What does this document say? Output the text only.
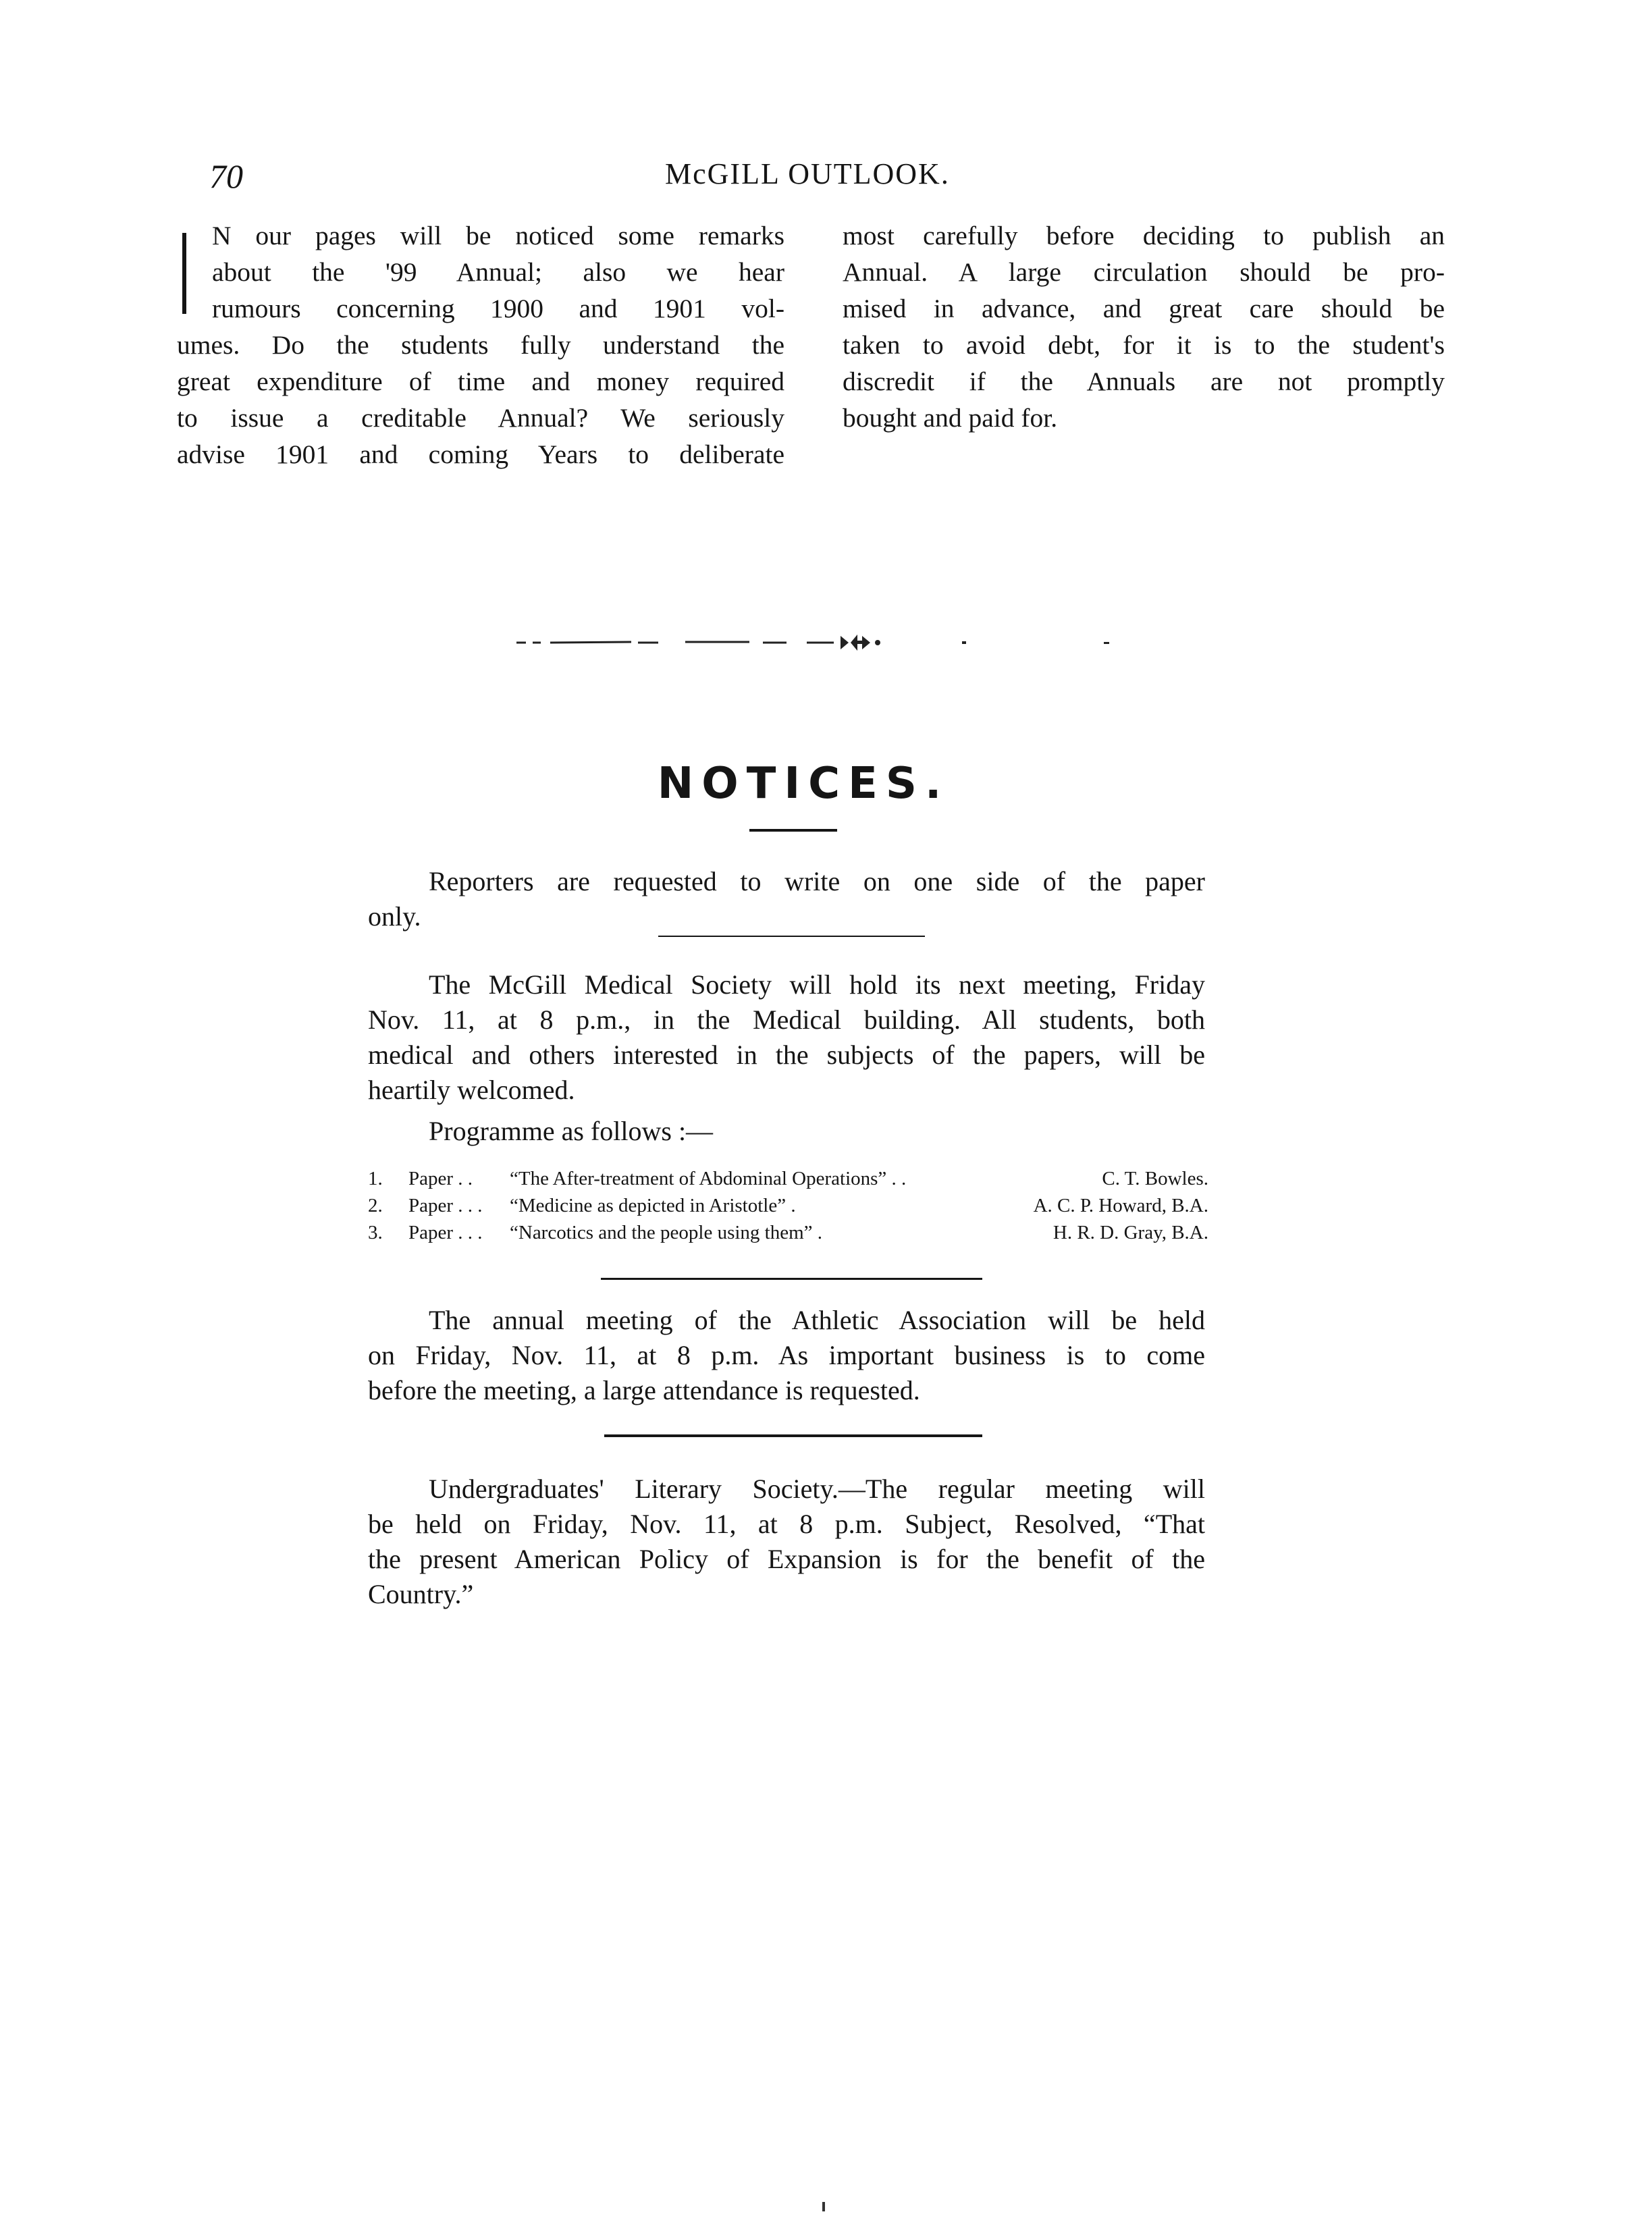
70	McGILL OUTLOOK.
N our pages will be noticed some remarks
about the '99 Annual; also we hear
rumours concerning 1900 and 1901 vol-
umes. Do the students fully understand the
great expenditure of time and money required
to issue a creditable Annual? We seriously
advise 1901 and coming Years to deliberate
most carefully before deciding to publish an
Annual. A large circulation should be pro-
mised in advance, and great care should be
taken to avoid debt, for it is to the student's
discredit if the Annuals are not promptly
bought and paid for.
NOTICES.
Reporters are requested to write on one side of the paper
only.
The McGill Medical Society will hold its next meeting, Friday
Nov. 11, at 8 p.m., in the Medical building. All students, both
medical and others interested in the subjects of the papers, will be
heartily welcomed.
Programme as follows :—
1.	Paper . .	“The After-treatment of Abdominal Operations” . .	C. T. Bowles.
2.	Paper . . .	“Medicine as depicted in Aristotle” .	A. C. P. Howard, B.A.
3.	Paper . . .	“Narcotics and the people using them” .	H. R. D. Gray, B.A.
The annual meeting of the Athletic Association will be held
on Friday, Nov. 11, at 8 p.m. As important business is to come
before the meeting, a large attendance is requested.
Undergraduates' Literary Society.—The regular meeting will
be held on Friday, Nov. 11, at 8 p.m. Subject, Resolved, “That
the present American Policy of Expansion is for the benefit of the
Country.”
